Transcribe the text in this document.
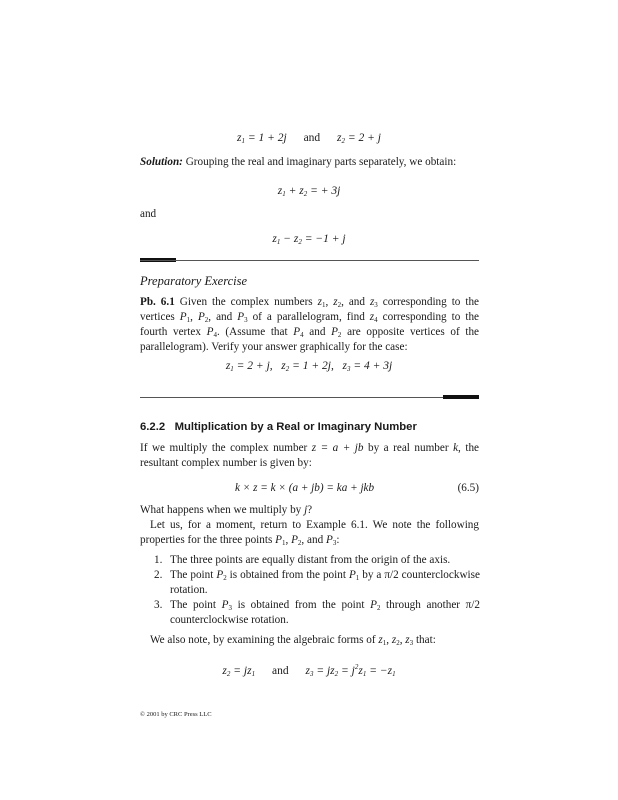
$z_1 = 1 + 2j$ and $z_2 = 2 + j$
Solution: Grouping the real and imaginary parts separately, we obtain:
$z_1 + z_2$ = + 3j
and
$z_1 - z_2 = -1 + j$
Preparatory Exercise
Pb. 6.1 Given the complex numbers $z_1$, $z_2$, and $z_3$ corresponding to the vertices $P_1$, $P_2$, and $P_3$ of a parallelogram, find $z_4$ corresponding to the fourth vertex $P_4$. (Assume that $P_4$ and $P_2$ are opposite vertices of the parallelogram). Verify your answer graphically for the case:
$z_1 = 2 + j$, $z_2 = 1 + 2j$, $z_3 = 4 + 3j$
6.2.2 Multiplication by a Real or Imaginary Number
If we multiply the complex number z = a + jb by a real number k, the resultant complex number is given by:
k × z = k × (a + jb) = ka + jkb	(6.5)
What happens when we multiply by j?
Let us, for a moment, return to Example 6.1. We note the following properties for the three points $P_1$, $P_2$, and $P_3$:
1. The three points are equally distant from the origin of the axis.
2. The point $P_2$ is obtained from the point $P_1$ by a π/2 counterclockwise rotation.
3. The point $P_3$ is obtained from the point $P_2$ through another π/2 counterclockwise rotation.
We also note, by examining the algebraic forms of $z_1$, $z_2$, $z_3$ that:
$z_2 = jz_1$ and $z_3 = jz_2 = j^2z_1 = -z_1$
© 2001 by CRC Press LLC
